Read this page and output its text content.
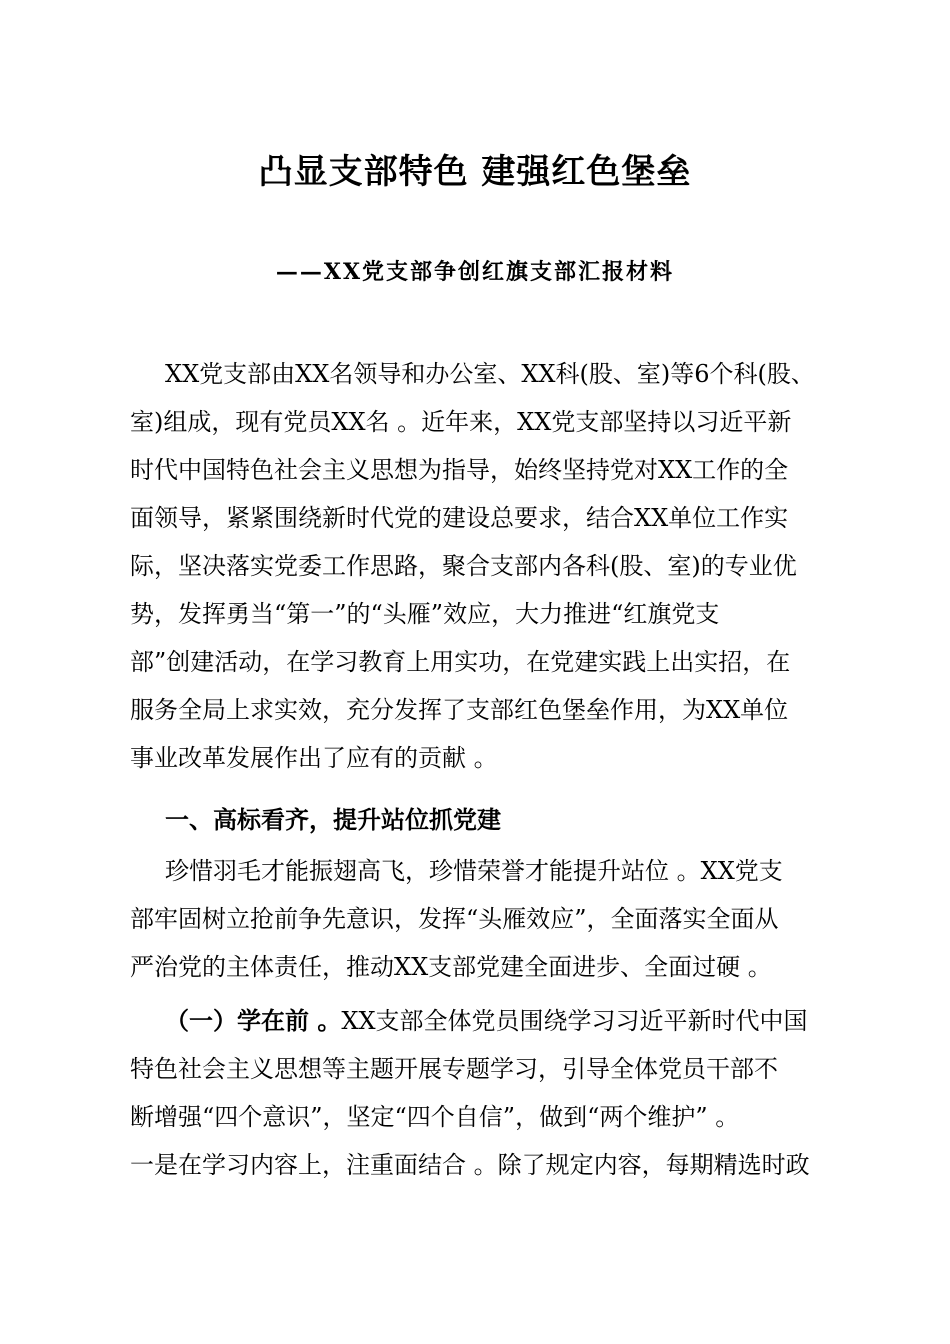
凸显支部特色 建强红色堡垒
——XX党支部争创红旗支部汇报材料
XX党支部由XX名领导和办公室、XX科(股、室)等6个科(股、
室)组成，现有党员XX名 。近年来，XX党支部坚持以习近平新
时代中国特色社会主义思想为指导，始终坚持党对XX工作的全
面领导，紧紧围绕新时代党的建设总要求，结合XX单位工作实
际，坚决落实党委工作思路，聚合支部内各科(股、室)的专业优
势，发挥勇当“第一”的“头雁”效应，大力推进“红旗党支
部”创建活动，在学习教育上用实功，在党建实践上出实招，在
服务全局上求实效，充分发挥了支部红色堡垒作用，为XX单位
事业改革发展作出了应有的贡献 。
一、高标看齐，提升站位抓党建
珍惜羽毛才能振翅高飞，珍惜荣誉才能提升站位 。XX党支
部牢固树立抢前争先意识，发挥“头雁效应”，全面落实全面从
严治党的主体责任，推动XX支部党建全面进步、全面过硬 。
（一）学在前 。XX支部全体党员围绕学习习近平新时代中国
特色社会主义思想等主题开展专题学习，引导全体党员干部不
断增强“四个意识”，坚定“四个自信”，做到“两个维护” 。
一是在学习内容上，注重面结合 。除了规定内容，每期精选时政
